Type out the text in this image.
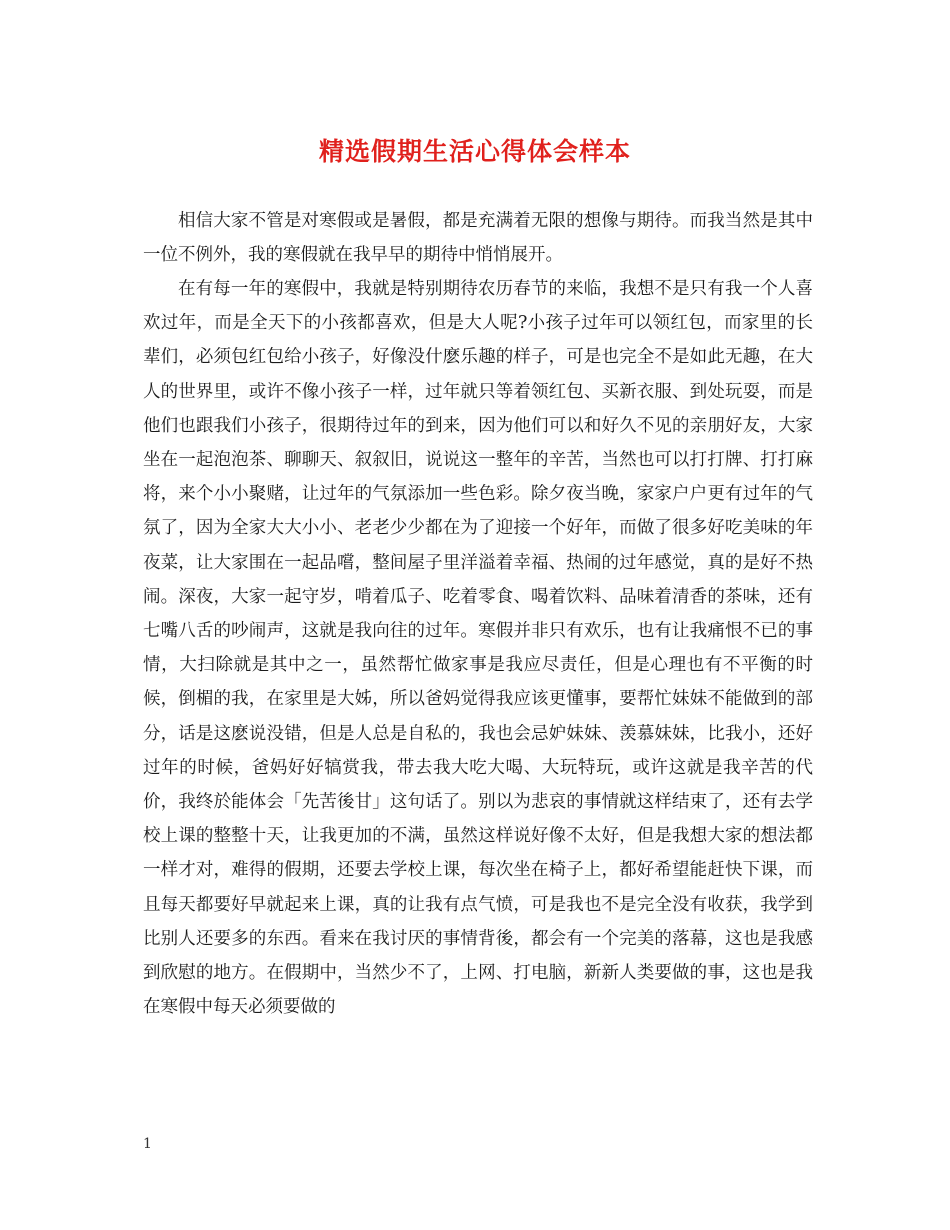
精选假期生活心得体会样本

相信大家不管是对寒假或是暑假，都是充满着无限的想像与期待。而我当然是其中一位不例外，我的寒假就在我早早的期待中悄悄展开。

在有每一年的寒假中，我就是特别期待农历春节的来临，我想不是只有我一个人喜欢过年，而是全天下的小孩都喜欢，但是大人呢?小孩子过年可以领红包，而家里的长辈们，必须包红包给小孩子，好像没什麽乐趣的样子，可是也完全不是如此无趣，在大人的世界里，或许不像小孩子一样，过年就只等着领红包、买新衣服、到处玩耍，而是他们也跟我们小孩子，很期待过年的到来，因为他们可以和好久不见的亲朋好友，大家坐在一起泡泡茶、聊聊天、叙叙旧，说说这一整年的辛苦，当然也可以打打牌、打打麻将，来个小小聚赌，让过年的气氛添加一些色彩。除夕夜当晚，家家户户更有过年的气氛了，因为全家大大小小、老老少少都在为了迎接一个好年，而做了很多好吃美味的年夜菜，让大家围在一起品嚐，整间屋子里洋溢着幸福、热闹的过年感觉，真的是好不热闹。深夜，大家一起守岁，啃着瓜子、吃着零食、喝着饮料、品味着清香的茶味，还有七嘴八舌的吵闹声，这就是我向往的过年。寒假并非只有欢乐，也有让我痛恨不已的事情，大扫除就是其中之一，虽然帮忙做家事是我应尽责任，但是心理也有不平衡的时候，倒楣的我，在家里是大姊，所以爸妈觉得我应该更懂事，要帮忙妹妹不能做到的部分，话是这麽说没错，但是人总是自私的，我也会忌妒妹妹、羡慕妹妹，比我小，还好过年的时候，爸妈好好犒赏我，带去我大吃大喝、大玩特玩，或许这就是我辛苦的代价，我终於能体会「先苦後甘」这句话了。别以为悲哀的事情就这样结束了，还有去学校上课的整整十天，让我更加的不满，虽然这样说好像不太好，但是我想大家的想法都一样才对，难得的假期，还要去学校上课，每次坐在椅子上，都好希望能赶快下课，而且每天都要好早就起来上课，真的让我有点气愤，可是我也不是完全没有收获，我学到比别人还要多的东西。看来在我讨厌的事情背後，都会有一个完美的落幕，这也是我感到欣慰的地方。在假期中，当然少不了，上网、打电脑，新新人类要做的事，这也是我在寒假中每天必须要做的

1
